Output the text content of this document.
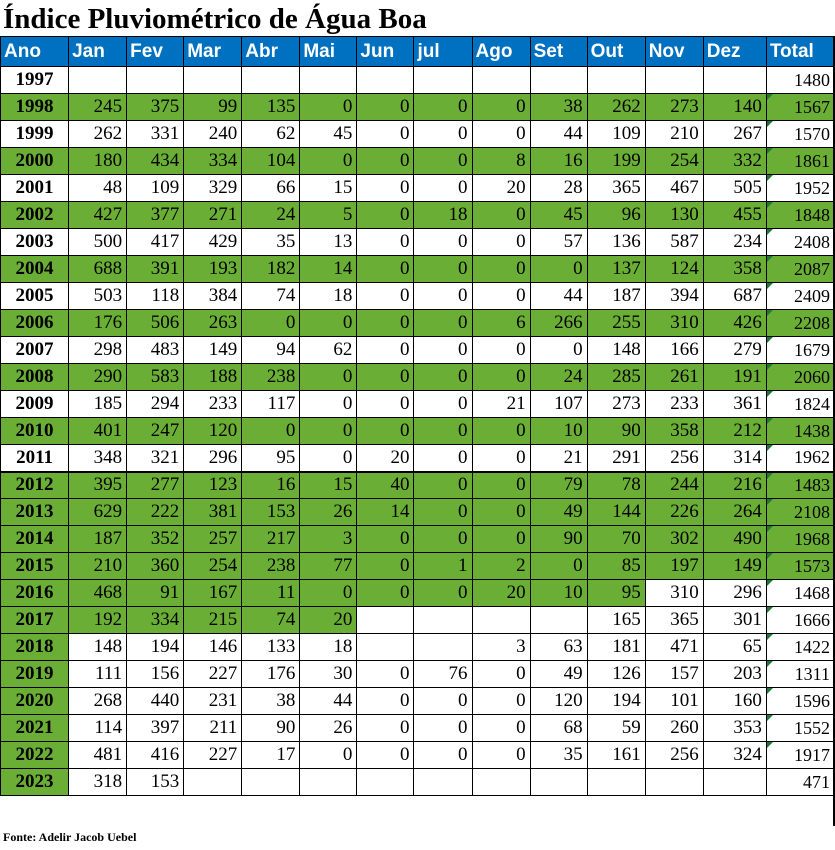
Índice Pluviométrico de Água Boa
Ano	Jan	Fev	Mar	Abr	Mai	Jun	jul	Ago	Set	Out	Nov	Dez	Total
1997													1480
1998	245	375	99	135	0	0	0	0	38	262	273	140	1567
1999	262	331	240	62	45	0	0	0	44	109	210	267	1570
2000	180	434	334	104	0	0	0	8	16	199	254	332	1861
2001	48	109	329	66	15	0	0	20	28	365	467	505	1952
2002	427	377	271	24	5	0	18	0	45	96	130	455	1848
2003	500	417	429	35	13	0	0	0	57	136	587	234	2408
2004	688	391	193	182	14	0	0	0	0	137	124	358	2087
2005	503	118	384	74	18	0	0	0	44	187	394	687	2409
2006	176	506	263	0	0	0	0	6	266	255	310	426	2208
2007	298	483	149	94	62	0	0	0	0	148	166	279	1679
2008	290	583	188	238	0	0	0	0	24	285	261	191	2060
2009	185	294	233	117	0	0	0	21	107	273	233	361	1824
2010	401	247	120	0	0	0	0	0	10	90	358	212	1438
2011	348	321	296	95	0	20	0	0	21	291	256	314	1962
2012	395	277	123	16	15	40	0	0	79	78	244	216	1483
2013	629	222	381	153	26	14	0	0	49	144	226	264	2108
2014	187	352	257	217	3	0	0	0	90	70	302	490	1968
2015	210	360	254	238	77	0	1	2	0	85	197	149	1573
2016	468	91	167	11	0	0	0	20	10	95	310	296	1468
2017	192	334	215	74	20					165	365	301	1666
2018	148	194	146	133	18			3	63	181	471	65	1422
2019	111	156	227	176	30	0	76	0	49	126	157	203	1311
2020	268	440	231	38	44	0	0	0	120	194	101	160	1596
2021	114	397	211	90	26	0	0	0	68	59	260	353	1552
2022	481	416	227	17	0	0	0	0	35	161	256	324	1917
2023	318	153											471
Fonte: Adelir Jacob Uebel
